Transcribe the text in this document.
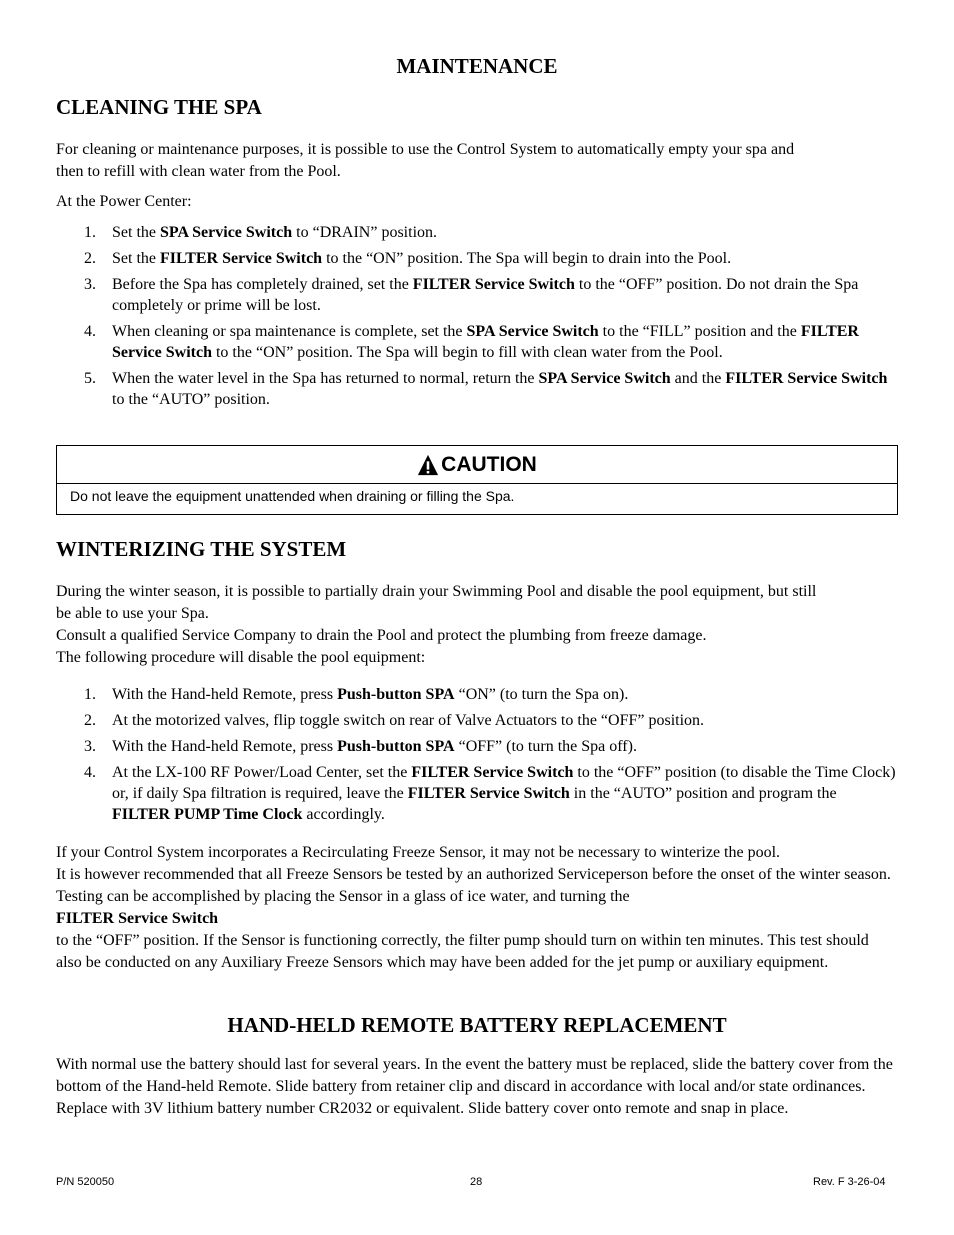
MAINTENANCE
CLEANING THE SPA
For cleaning or maintenance purposes, it is possible to use the Control System to automatically empty your spa and
then to refill with clean water from the Pool.
At the Power Center:
1. Set the SPA Service Switch to “DRAIN” position.
2. Set the FILTER Service Switch to the “ON” position. The Spa will begin to drain into the Pool.
3. Before the Spa has completely drained, set the FILTER Service Switch to the “OFF” position. Do not drain the Spa completely or prime will be lost.
4. When cleaning or spa maintenance is complete, set the SPA Service Switch to the “FILL” position and the FILTER Service Switch to the “ON” position. The Spa will begin to fill with clean water from the Pool.
5. When the water level in the Spa has returned to normal, return the SPA Service Switch and the FILTER Service Switch to the “AUTO” position.
CAUTION
Do not leave the equipment unattended when draining or filling the Spa.
WINTERIZING THE SYSTEM
During the winter season, it is possible to partially drain your Swimming Pool and disable the pool equipment, but still
be able to use your Spa.
Consult a qualified Service Company to drain the Pool and protect the plumbing from freeze damage.
The following procedure will disable the pool equipment:
1. With the Hand-held Remote, press Push-button SPA “ON” (to turn the Spa on).
2. At the motorized valves, flip toggle switch on rear of Valve Actuators to the “OFF” position.
3. With the Hand-held Remote, press Push-button SPA “OFF” (to turn the Spa off).
4. At the LX-100 RF Power/Load Center, set the FILTER Service Switch to the “OFF” position (to disable the Time Clock) or, if daily Spa filtration is required, leave the FILTER Service Switch in the “AUTO” position and program the FILTER PUMP Time Clock accordingly.
If your Control System incorporates a Recirculating Freeze Sensor, it may not be necessary to winterize the pool.
It is however recommended that all Freeze Sensors be tested by an authorized Serviceperson before the onset of the winter season.
Testing can be accomplished by placing the Sensor in a glass of ice water, and turning the
FILTER Service Switch
to the “OFF” position. If the Sensor is functioning correctly, the filter pump should turn on within ten minutes. This test should also be conducted on any Auxiliary Freeze Sensors which may have been added for the jet pump or auxiliary equipment.
HAND-HELD REMOTE BATTERY REPLACEMENT
With normal use the battery should last for several years. In the event the battery must be replaced, slide the battery cover from the bottom of the Hand-held Remote. Slide battery from retainer clip and discard in accordance with local and/or state ordinances. Replace with 3V lithium battery number CR2032 or equivalent. Slide battery cover onto remote and snap in place.
P/N 520050	28	Rev. F 3-26-04
